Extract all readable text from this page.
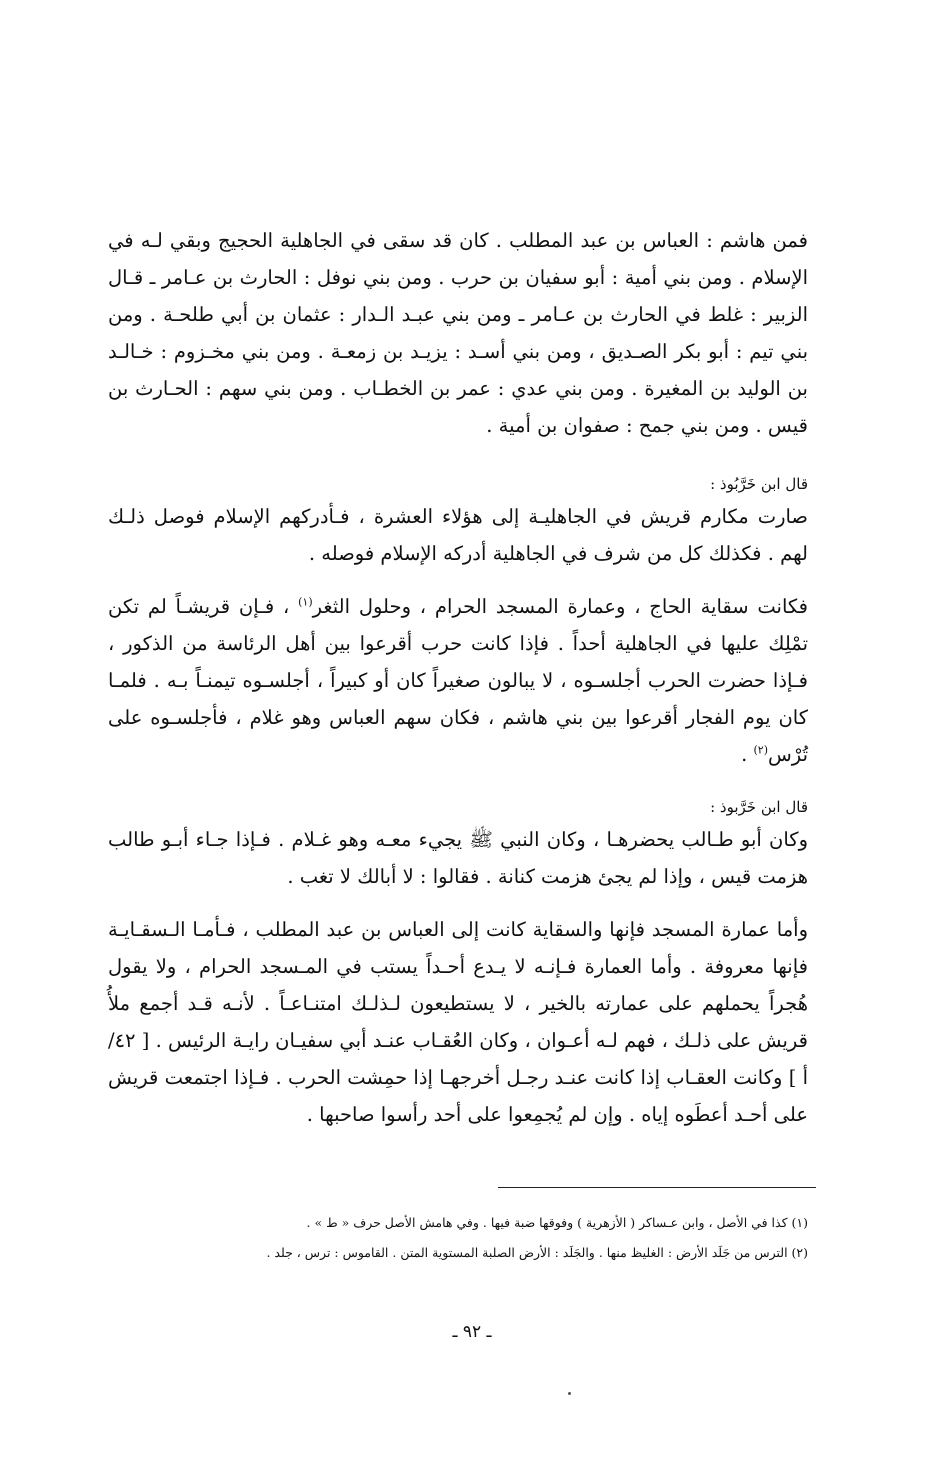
فمن هاشم : العباس بن عبد المطلب . كان قد سقى في الجاهلية الحجيج وبقي لـه في الإسلام . ومن بني أمية : أبو سفيان بن حرب . ومن بني نوفل : الحارث بن عـامر ـ قـال الزبير : غلط في الحارث بن عـامر ـ ومن بني عبـد الـدار : عثمان بن أبي طلحـة . ومن بني تيم : أبو بكر الصـديق ، ومن بني أسـد : يزيـد بن زمعـة . ومن بني مخـزوم : خـالـد بن الوليد بن المغيرة . ومن بني عدي : عمر بن الخطـاب . ومن بني سهم : الحـارث بن قيس . ومن بني جمح : صفوان بن أمية .

قال ابن خَرَّبُوذ :

صارت مكارم قريش في الجاهليـة إلى هؤلاء العشرة ، فـأدركهم الإسلام فوصل ذلـك لهم . فكذلك كل من شرف في الجاهلية أدركه الإسلام فوصله .

فكانت سقاية الحاج ، وعمارة المسجد الحرام ، وحلول الثغر$^{(١)}$ ، فـإن قريشـاً لم تكن تمْلِك عليها في الجاهلية أحداً . فإذا كانت حرب أقرعوا بين أهل الرئاسة من الذكور ، فـإذا حضرت الحرب أجلسـوه ، لا يبالون صغيراً كان أو كبيراً ، أجلسـوه تيمنـاً بـه . فلمـا كان يوم الفجار أقرعوا بين بني هاشم ، فكان سهم العباس وهو غلام ، فأجلسـوه على تُرْس$^{(٢)}$ .

قال ابن خَرَّبوذ :

وكان أبو طـالب يحضرهـا ، وكان النبي ﷺ يجيء معـه وهو غـلام . فـإذا جـاء أبـو طالب هزمت قيس ، وإذا لم يجئ هزمت كنانة . فقالوا : لا أبالك لا تغب .

وأما عمارة المسجد فإنها والسقاية كانت إلى العباس بن عبد المطلب ، فـأمـا الـسقـايـة فإنها معروفة . وأما العمارة فـإنـه لا يـدع أحـداً يستب في المـسجد الحرام ، ولا يقول هُجراً يحملهم على عمارته بالخير ، لا يستطيعون لـذلـك امتنـاعـاً . لأنـه قـد أجمع ملأُ قريش على ذلـك ، فهم لـه أعـوان ، وكان العُقـاب عنـد أبي سفيـان رايـة الرئيس . [ ٤٢/أ ] وكانت العقـاب إذا كانت عنـد رجـل أخرجهـا إذا حمِشت الحرب . فـإذا اجتمعت قريش على أحـد أعطَوه إياه . وإن لم يُجمِعوا على أحد رأسوا صاحبها .

(١) كذا في الأصل ، وابن عـساكر ( الأزهرية ) وفوقها ضبة فيها . وفي هامش الأصل حرف « ط » .

(٢) الترس من جَلَد الأرض : الغليظ منها . والجَلَد : الأرض الصلبة المستوية المتن . القاموس : ترس ، جلد .

ـ ٩٢ ـ
